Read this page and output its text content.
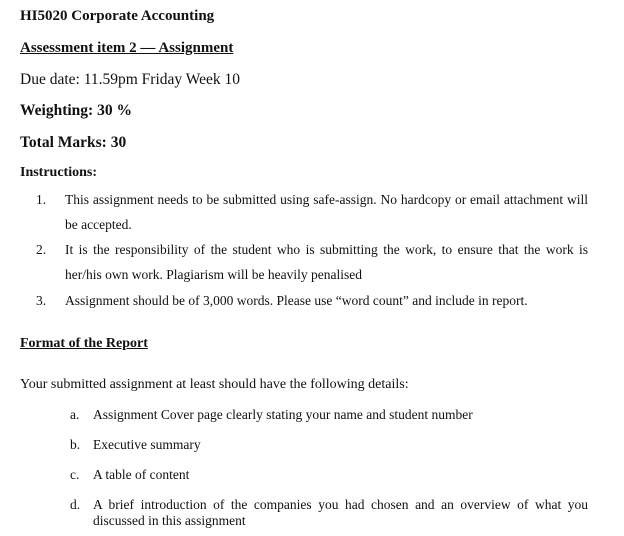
HI5020 Corporate Accounting
Assessment item 2 — Assignment
Due date: 11.59pm Friday Week 10
Weighting: 30 %
Total Marks: 30
Instructions:
1. This assignment needs to be submitted using safe-assign. No hardcopy or email attachment will be accepted.
2. It is the responsibility of the student who is submitting the work, to ensure that the work is her/his own work. Plagiarism will be heavily penalised
3. Assignment should be of 3,000 words. Please use “word count” and include in report.
Format of the Report
Your submitted assignment at least should have the following details:
a. Assignment Cover page clearly stating your name and student number
b. Executive summary
c. A table of content
d. A brief introduction of the companies you had chosen and an overview of what you discussed in this assignment
